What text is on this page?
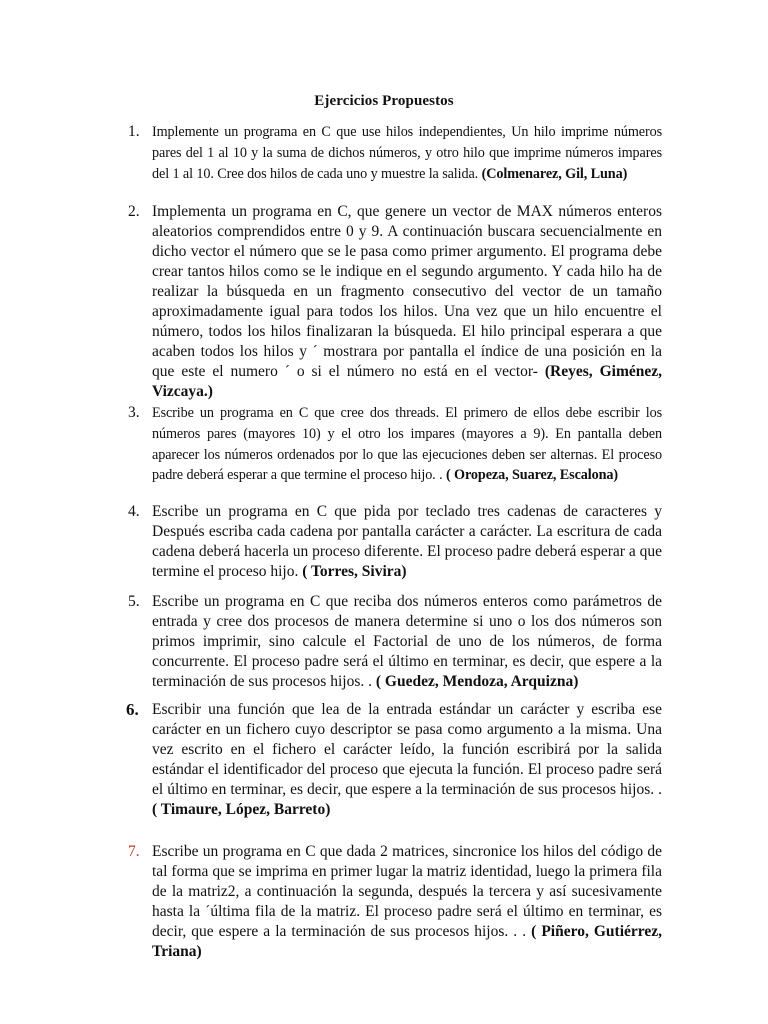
Ejercicios Propuestos
1. Implemente un programa en C que use hilos independientes, Un hilo imprime números pares del 1 al 10 y la suma de dichos números, y otro hilo que imprime números impares del 1 al 10. Cree dos hilos de cada uno y muestre la salida. (Colmenarez, Gil, Luna)
2. Implementa un programa en C, que genere un vector de MAX números enteros aleatorios comprendidos entre 0 y 9. A continuación buscara secuencialmente en dicho vector el número que se le pasa como primer argumento. El programa debe crear tantos hilos como se le indique en el segundo argumento. Y cada hilo ha de realizar la búsqueda en un fragmento consecutivo del vector de un tamaño aproximadamente igual para todos los hilos. Una vez que un hilo encuentre el número, todos los hilos finalizaran la búsqueda. El hilo principal esperara a que acaben todos los hilos y ´ mostrara por pantalla el índice de una posición en la que este el numero ´ o si el número no está en el vector- (Reyes, Giménez, Vizcaya.)
3. Escribe un programa en C que cree dos threads. El primero de ellos debe escribir los números pares (mayores 10) y el otro los impares (mayores a 9). En pantalla deben aparecer los números ordenados por lo que las ejecuciones deben ser alternas. El proceso padre deberá esperar a que termine el proceso hijo. . ( Oropeza, Suarez, Escalona)
4. Escribe un programa en C que pida por teclado tres cadenas de caracteres y Después escriba cada cadena por pantalla carácter a carácter. La escritura de cada cadena deberá hacerla un proceso diferente. El proceso padre deberá esperar a que termine el proceso hijo. ( Torres, Sivira)
5. Escribe un programa en C que reciba dos números enteros como parámetros de entrada y cree dos procesos de manera determine si uno o los dos números son primos imprimir, sino calcule el Factorial de uno de los números, de forma concurrente. El proceso padre será el último en terminar, es decir, que espere a la terminación de sus procesos hijos. . ( Guedez, Mendoza, Arquizna)
6. Escribir una función que lea de la entrada estándar un carácter y escriba ese carácter en un fichero cuyo descriptor se pasa como argumento a la misma. Una vez escrito en el fichero el carácter leído, la función escribirá por la salida estándar el identificador del proceso que ejecuta la función. El proceso padre será el último en terminar, es decir, que espere a la terminación de sus procesos hijos. . ( Timaure, López, Barreto)
7. Escribe un programa en C que dada 2 matrices, sincronice los hilos del código de tal forma que se imprima en primer lugar la matriz identidad, luego la primera fila de la matriz2, a continuación la segunda, después la tercera y así sucesivamente hasta la ´última fila de la matriz. El proceso padre será el último en terminar, es decir, que espere a la terminación de sus procesos hijos. . . ( Piñero, Gutiérrez, Triana)
